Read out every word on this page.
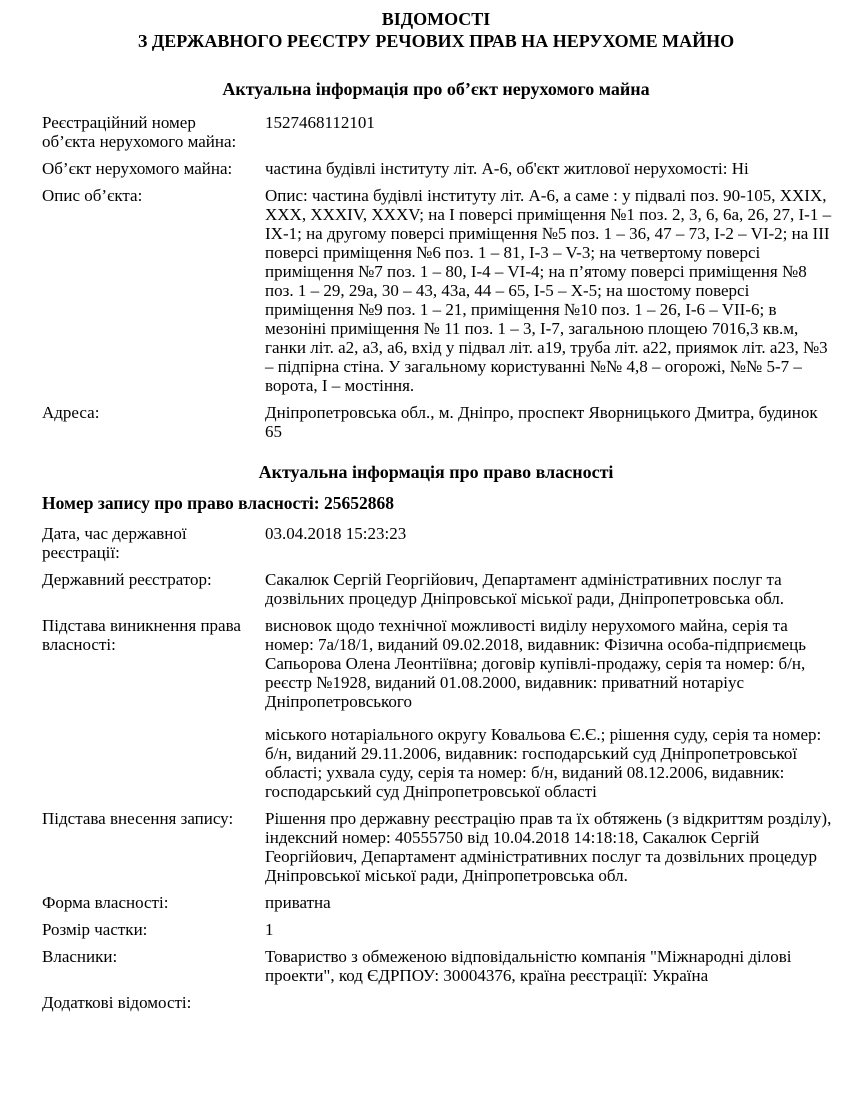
ВІДОМОСТІ
З ДЕРЖАВНОГО РЕЄСТРУ РЕЧОВИХ ПРАВ НА НЕРУХОМЕ МАЙНО
Актуальна інформація про об’єкт нерухомого майна
Реєстраційний номер об’єкта нерухомого майна:
1527468112101
Об’єкт нерухомого майна:	частина будівлі інституту літ. А-6, об'єкт житлової нерухомості: Ні
Опис об’єкта:	Опис: частина будівлі інституту літ. А-6, а саме : у підвалі поз. 90-105, XXIX, XXX, XXXIV, XXXV; на I поверсі приміщення №1 поз. 2, 3, 6, 6а, 26, 27, I-1 – IX-1; на другому поверсі приміщення №5 поз. 1 – 36, 47 – 73, I-2 – VI-2; на III поверсі приміщення №6 поз. 1 – 81, I-3 – V-3; на четвертому поверсі приміщення №7 поз. 1 – 80, I-4 – VI-4; на п’ятому поверсі приміщення №8 поз. 1 – 29, 29а, 30 – 43, 43а, 44 – 65, I-5 – X-5; на шостому поверсі приміщення №9 поз. 1 – 21, приміщення №10 поз. 1 – 26, I-6 – VII-6; в мезоніні приміщення № 11 поз. 1 – 3, I-7, загальною площею 7016,3 кв.м, ганки літ. а2, а3, а6, вхід у підвал літ. а19, труба літ. а22, приямок літ. а23, №3 – підпірна стіна. У загальному користуванні №№ 4,8 – огорожі, №№ 5-7 – ворота, I – мостіння.
Адреса:	Дніпропетровська обл., м. Дніпро, проспект Яворницького Дмитра, будинок 65
Актуальна інформація про право власності
Номер запису про право власності: 25652868
Дата, час державної реєстрації:
03.04.2018 15:23:23
Державний реєстратор:	Сакалюк Сергій Георгійович, Департамент адміністративних послуг та дозвільних процедур Дніпровської міської ради, Дніпропетровська обл.
Підстава виникнення права власності:
висновок щодо технічної можливості виділу нерухомого майна, серія та номер: 7а/18/1, виданий 09.02.2018, видавник: Фізична особа-підприємець Сапьорова Олена Леонтіївна; договір купівлі-продажу, серія та номер: б/н, реєстр №1928, виданий 01.08.2000, видавник: приватний нотаріус Дніпропетровського
міського нотаріального округу Ковальова Є.Є.; рішення суду, серія та номер: б/н, виданий 29.11.2006, видавник: господарський суд Дніпропетровської області; ухвала суду, серія та номер: б/н, виданий 08.12.2006, видавник: господарський суд Дніпропетровської області
Підстава внесення запису:	Рішення про державну реєстрацію прав та їх обтяжень (з відкриттям розділу), індексний номер: 40555750 від 10.04.2018 14:18:18, Сакалюк Сергій Георгійович, Департамент адміністративних послуг та дозвільних процедур Дніпровської міської ради, Дніпропетровська обл.
Форма власності:	приватна
Розмір частки:	1
Власники:	Товариство з обмеженою відповідальністю компанія "Міжнародні ділові проекти", код ЄДРПОУ: 30004376, країна реєстрації: Україна
Додаткові відомості:
